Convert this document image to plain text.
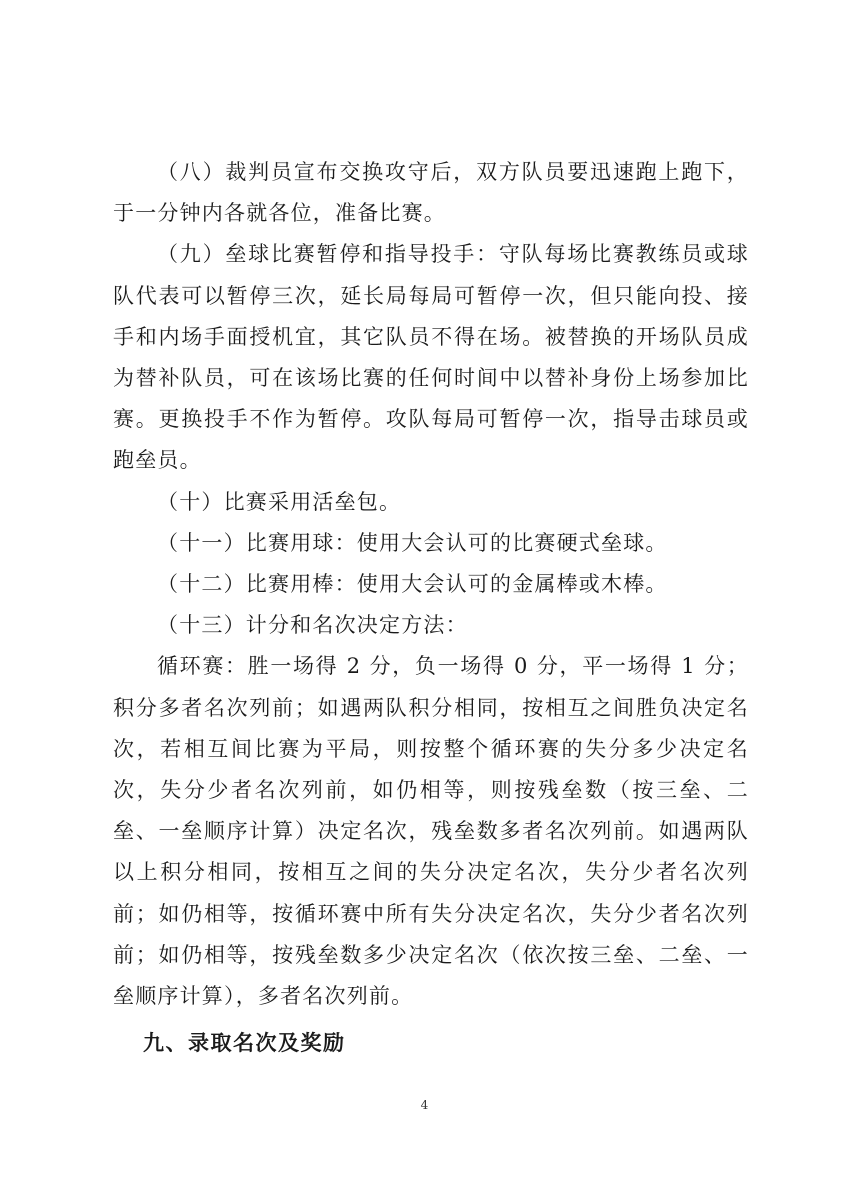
（八）裁判员宣布交换攻守后，双方队员要迅速跑上跑下，于一分钟内各就各位，准备比赛。

（九）垒球比赛暂停和指导投手：守队每场比赛教练员或球队代表可以暂停三次，延长局每局可暂停一次，但只能向投、接手和内场手面授机宜，其它队员不得在场。被替换的开场队员成为替补队员，可在该场比赛的任何时间中以替补身份上场参加比赛。更换投手不作为暂停。攻队每局可暂停一次，指导击球员或跑垒员。

（十）比赛采用活垒包。

（十一）比赛用球：使用大会认可的比赛硬式垒球。

（十二）比赛用棒：使用大会认可的金属棒或木棒。

（十三）计分和名次决定方法：

循环赛：胜一场得 2 分，负一场得 0 分，平一场得 1 分；积分多者名次列前；如遇两队积分相同，按相互之间胜负决定名次，若相互间比赛为平局，则按整个循环赛的失分多少决定名次，失分少者名次列前，如仍相等，则按残垒数（按三垒、二垒、一垒顺序计算）决定名次，残垒数多者名次列前。如遇两队以上积分相同，按相互之间的失分决定名次，失分少者名次列前；如仍相等，按循环赛中所有失分决定名次，失分少者名次列前；如仍相等，按残垒数多少决定名次（依次按三垒、二垒、一垒顺序计算），多者名次列前。

九、录取名次及奖励

4
